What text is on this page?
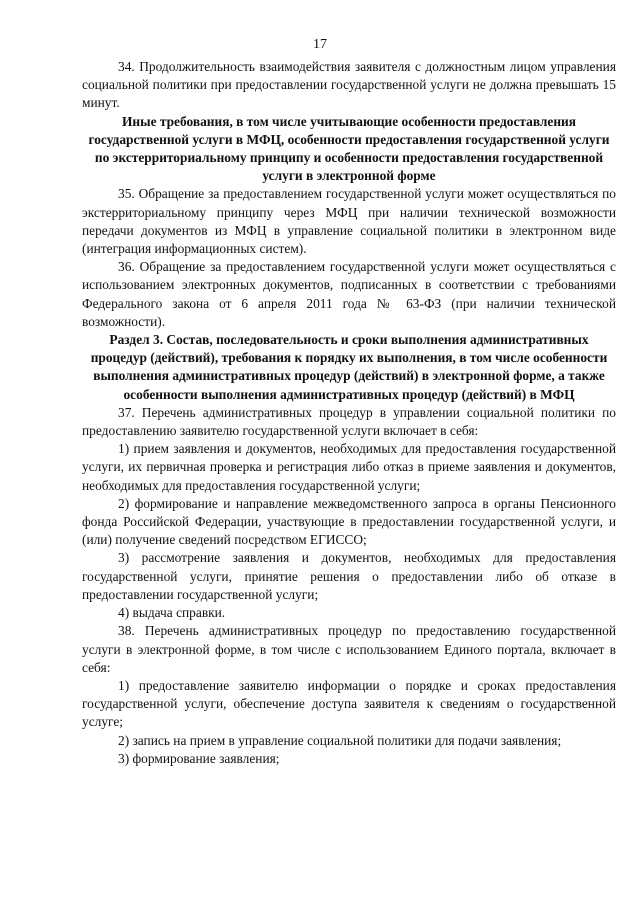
17

34. Продолжительность взаимодействия заявителя с должностным лицом управления социальной политики при предоставлении государственной услуги не должна превышать 15 минут.

Иные требования, в том числе учитывающие особенности предоставления государственной услуги в МФЦ, особенности предоставления государственной услуги по экстерриториальному принципу и особенности предоставления государственной услуги в электронной форме

35. Обращение за предоставлением государственной услуги может осуществляться по экстерриториальному принципу через МФЦ при наличии технической возможности передачи документов из МФЦ в управление социальной политики в электронном виде (интеграция информационных систем).

36. Обращение за предоставлением государственной услуги может осуществляться с использованием электронных документов, подписанных в соответствии с требованиями Федерального закона от 6 апреля 2011 года № 63-ФЗ (при наличии технической возможности).

Раздел 3. Состав, последовательность и сроки выполнения административных процедур (действий), требования к порядку их выполнения, в том числе особенности выполнения административных процедур (действий) в электронной форме, а также особенности выполнения административных процедур (действий) в МФЦ

37. Перечень административных процедур в управлении социальной политики по предоставлению заявителю государственной услуги включает в себя:

1) прием заявления и документов, необходимых для предоставления государственной услуги, их первичная проверка и регистрация либо отказ в приеме заявления и документов, необходимых для предоставления государственной услуги;

2) формирование и направление межведомственного запроса в органы Пенсионного фонда Российской Федерации, участвующие в предоставлении государственной услуги, и (или) получение сведений посредством ЕГИССО;

3) рассмотрение заявления и документов, необходимых для предоставления государственной услуги, принятие решения о предоставлении либо об отказе в предоставлении государственной услуги;

4) выдача справки.

38. Перечень административных процедур по предоставлению государственной услуги в электронной форме, в том числе с использованием Единого портала, включает в себя:

1) предоставление заявителю информации о порядке и сроках предоставления государственной услуги, обеспечение доступа заявителя к сведениям о государственной услуге;

2) запись на прием в управление социальной политики для подачи заявления;

3) формирование заявления;
